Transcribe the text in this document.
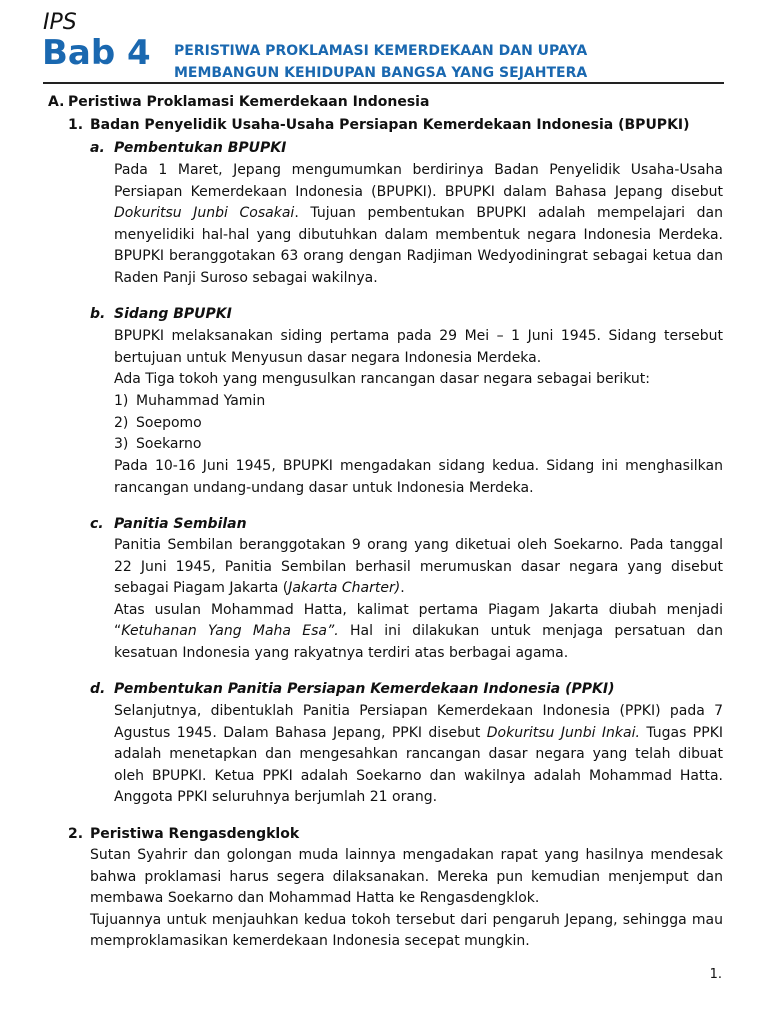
IPS
Bab 4 PERISTIWA PROKLAMASI KEMERDEKAAN DAN UPAYA
MEMBANGUN KEHIDUPAN BANGSA YANG SEJAHTERA
A. Peristiwa Proklamasi Kemerdekaan Indonesia
1. Badan Penyelidik Usaha-Usaha Persiapan Kemerdekaan Indonesia (BPUPKI)
a. Pembentukan BPUPKI

Pada 1 Maret, Jepang mengumumkan berdirinya Badan Penyelidik Usaha-Usaha Persiapan Kemerdekaan Indonesia (BPUPKI). BPUPKI dalam Bahasa Jepang disebut Dokuritsu Junbi Cosakai. Tujuan pembentukan BPUPKI adalah mempelajari dan menyelidiki hal-hal yang dibutuhkan dalam membentuk negara Indonesia Merdeka. BPUPKI beranggotakan 63 orang dengan Radjiman Wedyodiningrat sebagai ketua dan Raden Panji Suroso sebagai wakilnya.

b. Sidang BPUPKI

BPUPKI melaksanakan siding pertama pada 29 Mei – 1 Juni 1945. Sidang tersebut bertujuan untuk Menyusun dasar negara Indonesia Merdeka.

Ada Tiga tokoh yang mengusulkan rancangan dasar negara sebagai berikut:

1) Muhammad Yamin
2) Soepomo
3) Soekarno

Pada 10-16 Juni 1945, BPUPKI mengadakan sidang kedua. Sidang ini menghasilkan rancangan undang-undang dasar untuk Indonesia Merdeka.

c. Panitia Sembilan

Panitia Sembilan beranggotakan 9 orang yang diketuai oleh Soekarno. Pada tanggal 22 Juni 1945, Panitia Sembilan berhasil merumuskan dasar negara yang disebut sebagai Piagam Jakarta (Jakarta Charter).

Atas usulan Mohammad Hatta, kalimat pertama Piagam Jakarta diubah menjadi “Ketuhanan Yang Maha Esa”. Hal ini dilakukan untuk menjaga persatuan dan kesatuan Indonesia yang rakyatnya terdiri atas berbagai agama.

d. Pembentukan Panitia Persiapan Kemerdekaan Indonesia (PPKI)

Selanjutnya, dibentuklah Panitia Persiapan Kemerdekaan Indonesia (PPKI) pada 7 Agustus 1945. Dalam Bahasa Jepang, PPKI disebut Dokuritsu Junbi Inkai. Tugas PPKI adalah menetapkan dan mengesahkan rancangan dasar negara yang telah dibuat oleh BPUPKI. Ketua PPKI adalah Soekarno dan wakilnya adalah Mohammad Hatta. Anggota PPKI seluruhnya berjumlah 21 orang.

2. Peristiwa Rengasdengklok

Sutan Syahrir dan golongan muda lainnya mengadakan rapat yang hasilnya mendesak bahwa proklamasi harus segera dilaksanakan. Mereka pun kemudian menjemput dan membawa Soekarno dan Mohammad Hatta ke Rengasdengklok.

Tujuannya untuk menjauhkan kedua tokoh tersebut dari pengaruh Jepang, sehingga mau memproklamasikan kemerdekaan Indonesia secepat mungkin.

1.
